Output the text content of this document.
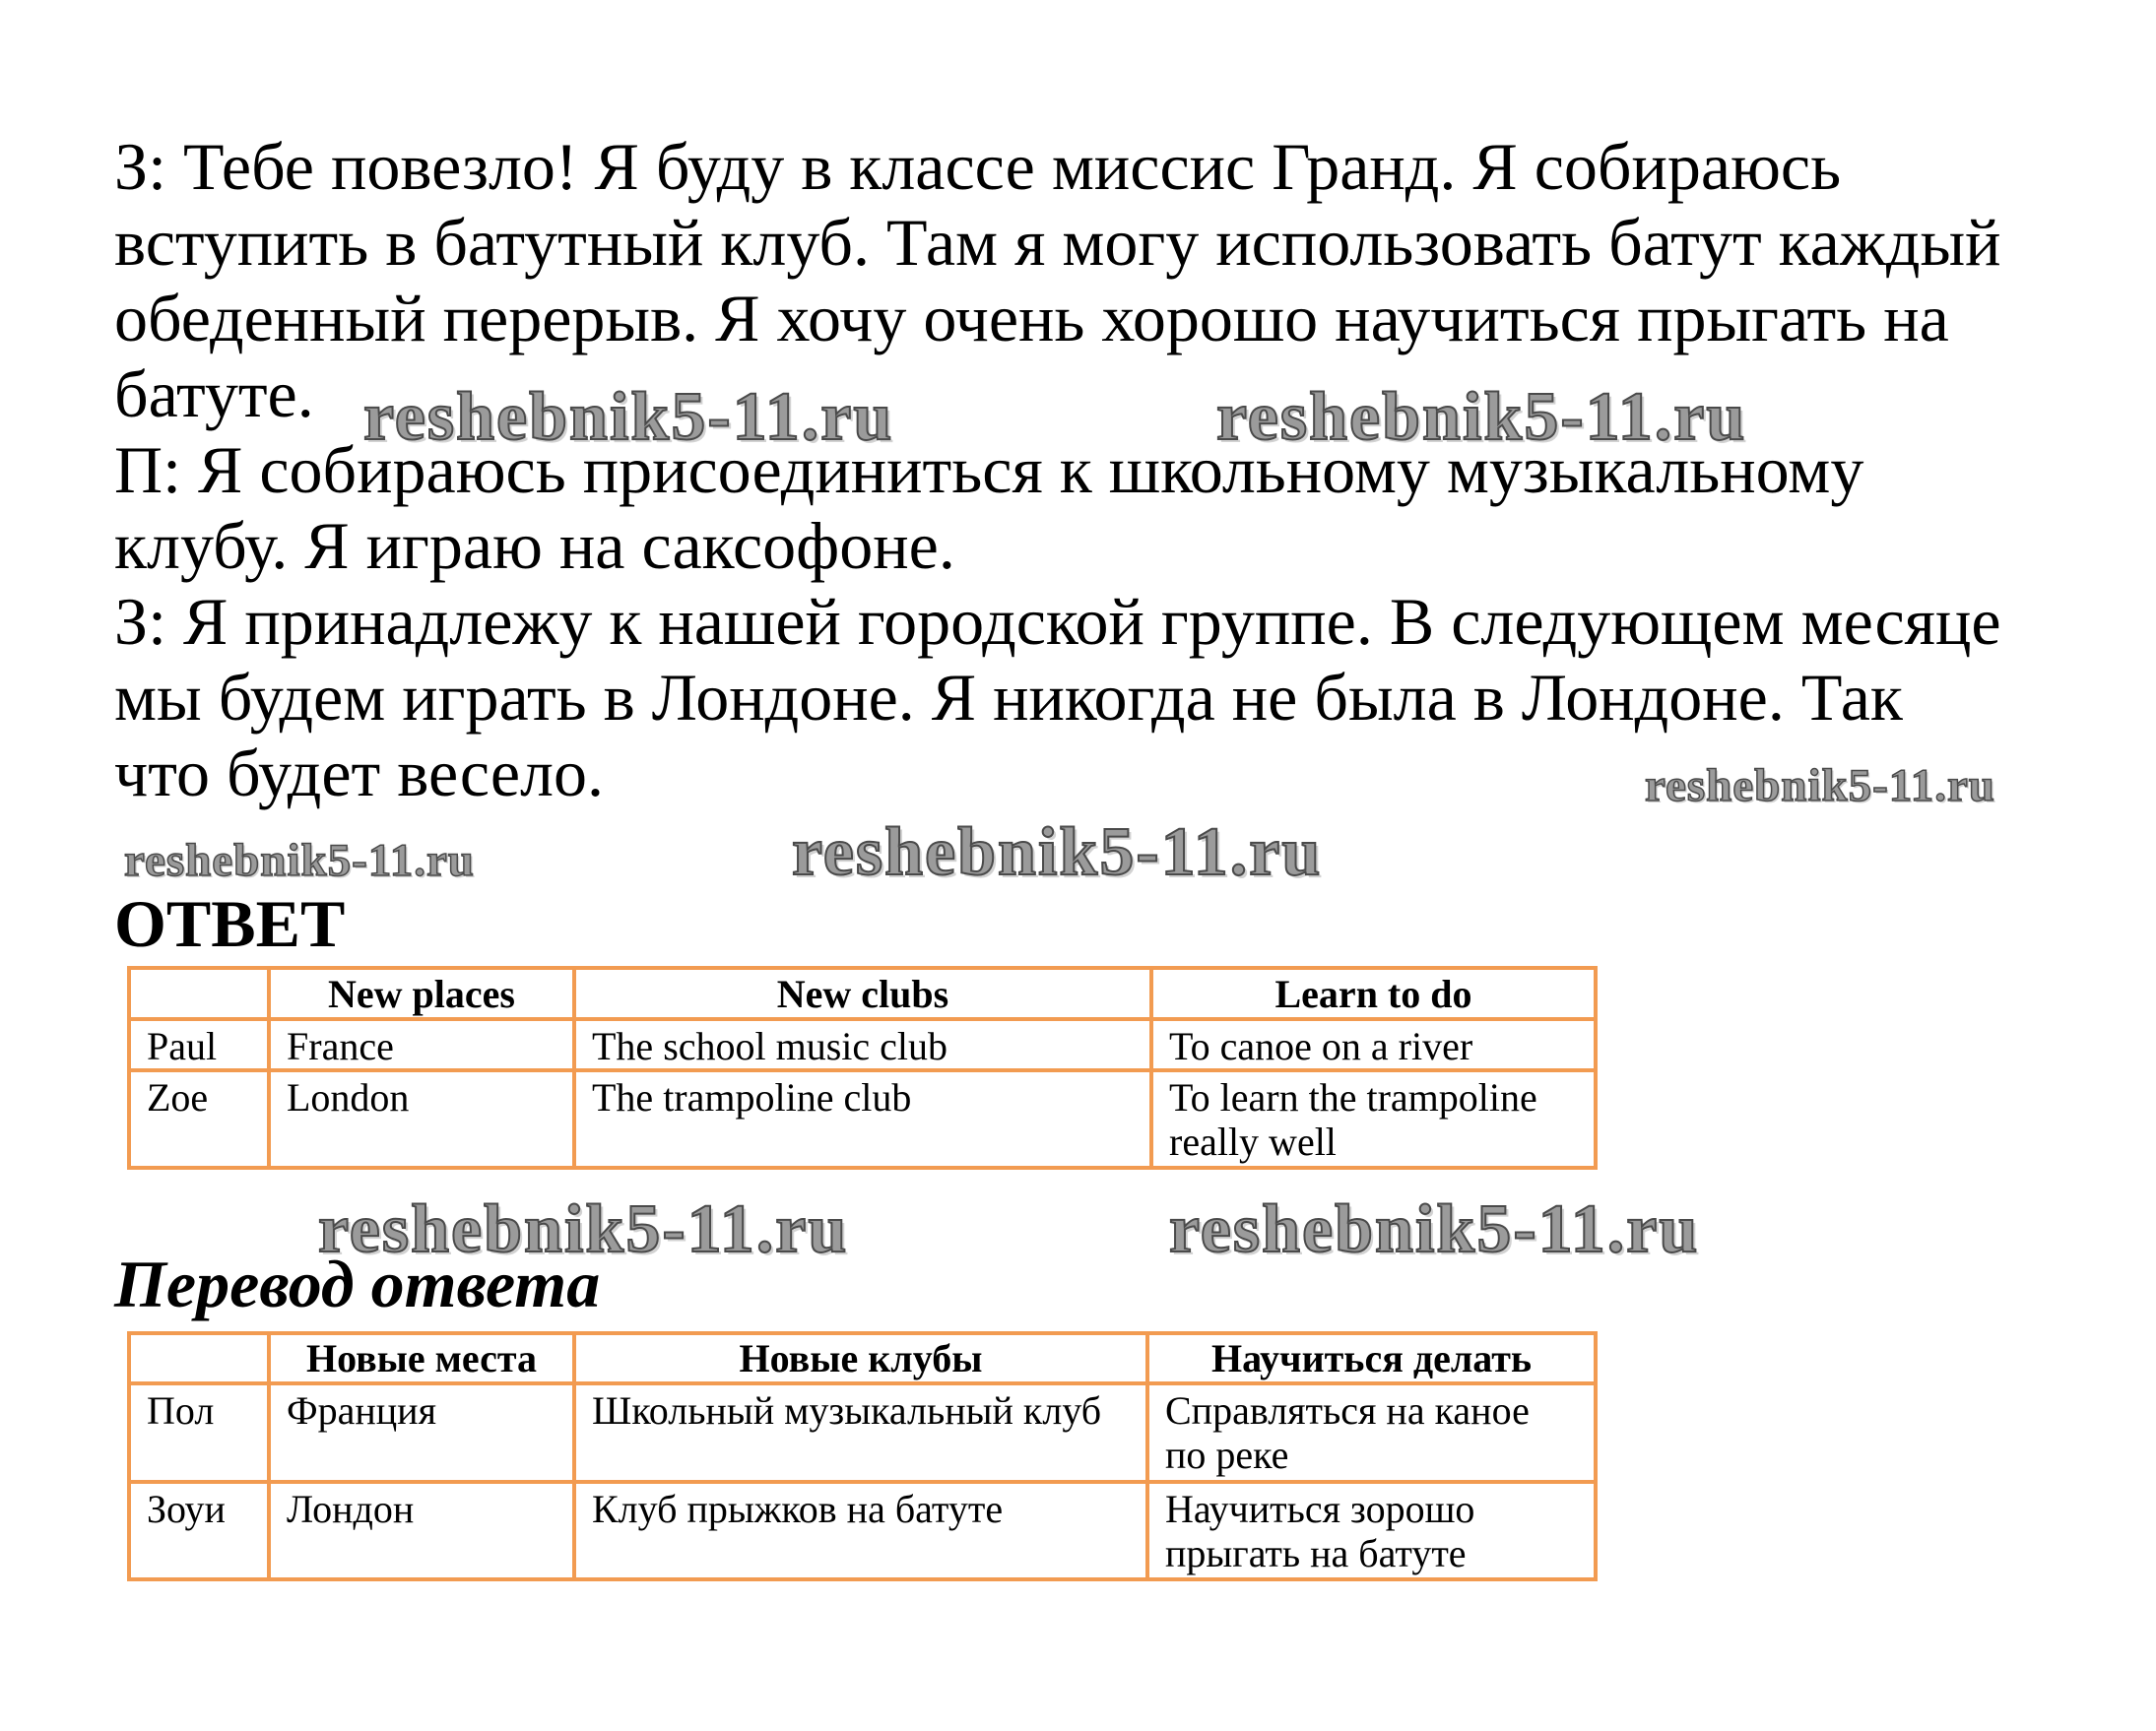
З: Тебе повезло! Я буду в классе миссис Гранд. Я собираюсь
вступить в батутный клуб. Там я могу использовать батут каждый
обеденный перерыв. Я хочу очень хорошо научиться прыгать на
батуте.
П: Я собираюсь присоединиться к школьному музыкальному
клубу. Я играю на саксофоне.
З: Я принадлежу к нашей городской группе. В следующем месяце
мы будем играть в Лондоне. Я никогда не была в Лондоне. Так
что будет весело.
reshebnik5-11.ru	reshebnik5-11.ru
reshebnik5-11.ru
reshebnik5-11.ru	reshebnik5-11.ru
reshebnik5-11.ru	reshebnik5-11.ru
ОТВЕТ
	New places	New clubs	Learn to do

Paul	France	The school music club	To canoe on a river

Zoe	London	The trampoline club	To learn the trampoline
really well
Перевод ответа
	Новые места	Новые клубы	Научиться делать

Пол	Франция	Школьный музыкальный клуб	Справляться на каное
по реке

Зоуи	Лондон	Клуб прыжков на батуте	Научиться зорошо
прыгать на батуте
